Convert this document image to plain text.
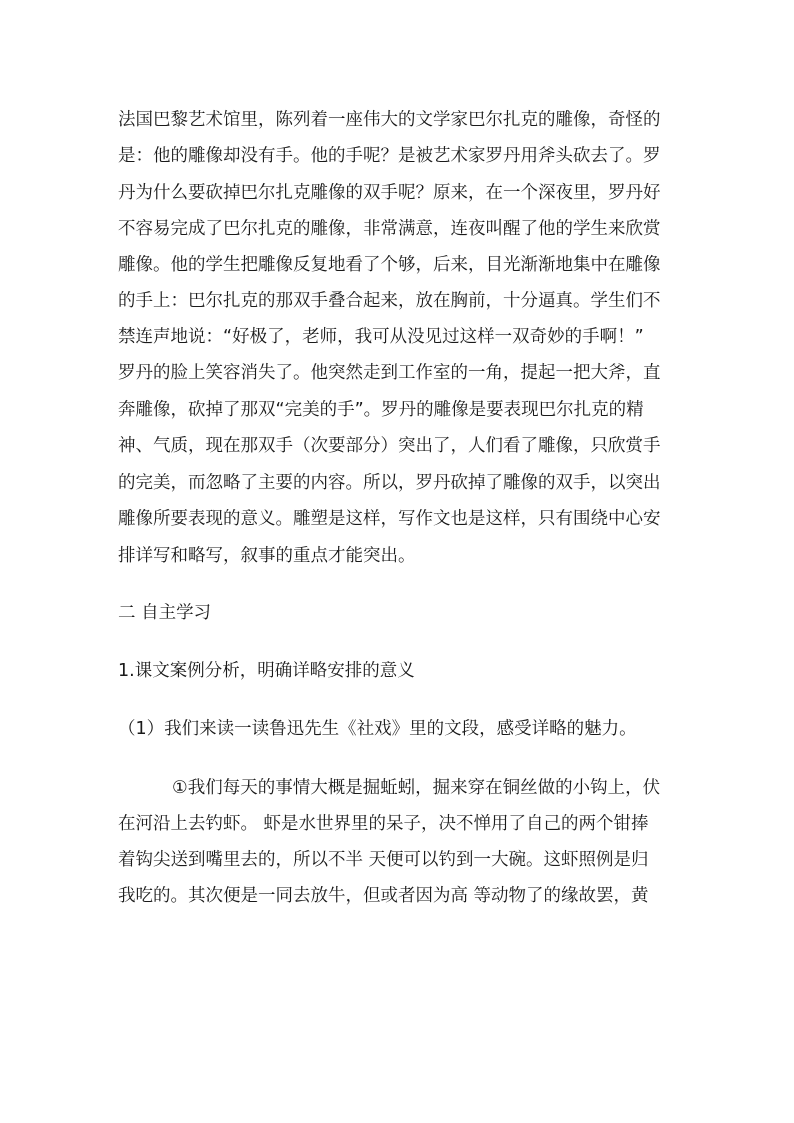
法国巴黎艺术馆里，陈列着一座伟大的文学家巴尔扎克的雕像，奇怪的
是：他的雕像却没有手。他的手呢？是被艺术家罗丹用斧头砍去了。罗
丹为什么要砍掉巴尔扎克雕像的双手呢？原来，在一个深夜里，罗丹好
不容易完成了巴尔扎克的雕像，非常满意，连夜叫醒了他的学生来欣赏
雕像。他的学生把雕像反复地看了个够，后来，目光渐渐地集中在雕像
的手上：巴尔扎克的那双手叠合起来，放在胸前，十分逼真。学生们不
禁连声地说：“好极了，老师，我可从没见过这样一双奇妙的手啊！”
罗丹的脸上笑容消失了。他突然走到工作室的一角，提起一把大斧，直
奔雕像，砍掉了那双“完美的手”。罗丹的雕像是要表现巴尔扎克的精
神、气质，现在那双手（次要部分）突出了，人们看了雕像，只欣赏手
的完美，而忽略了主要的内容。所以，罗丹砍掉了雕像的双手，以突出
雕像所要表现的意义。雕塑是这样，写作文也是这样，只有围绕中心安
排详写和略写，叙事的重点才能突出。
二 自主学习
1.课文案例分析，明确详略安排的意义
（1）我们来读一读鲁迅先生《社戏》里的文段，感受详略的魅力。
①我们每天的事情大概是掘蚯蚓，掘来穿在铜丝做的小钩上，伏
在河沿上去钓虾。 虾是水世界里的呆子，决不惮用了自己的两个钳捧
着钩尖送到嘴里去的，所以不半 天便可以钓到一大碗。这虾照例是归
我吃的。其次便是一同去放牛，但或者因为高 等动物了的缘故罢，黄
